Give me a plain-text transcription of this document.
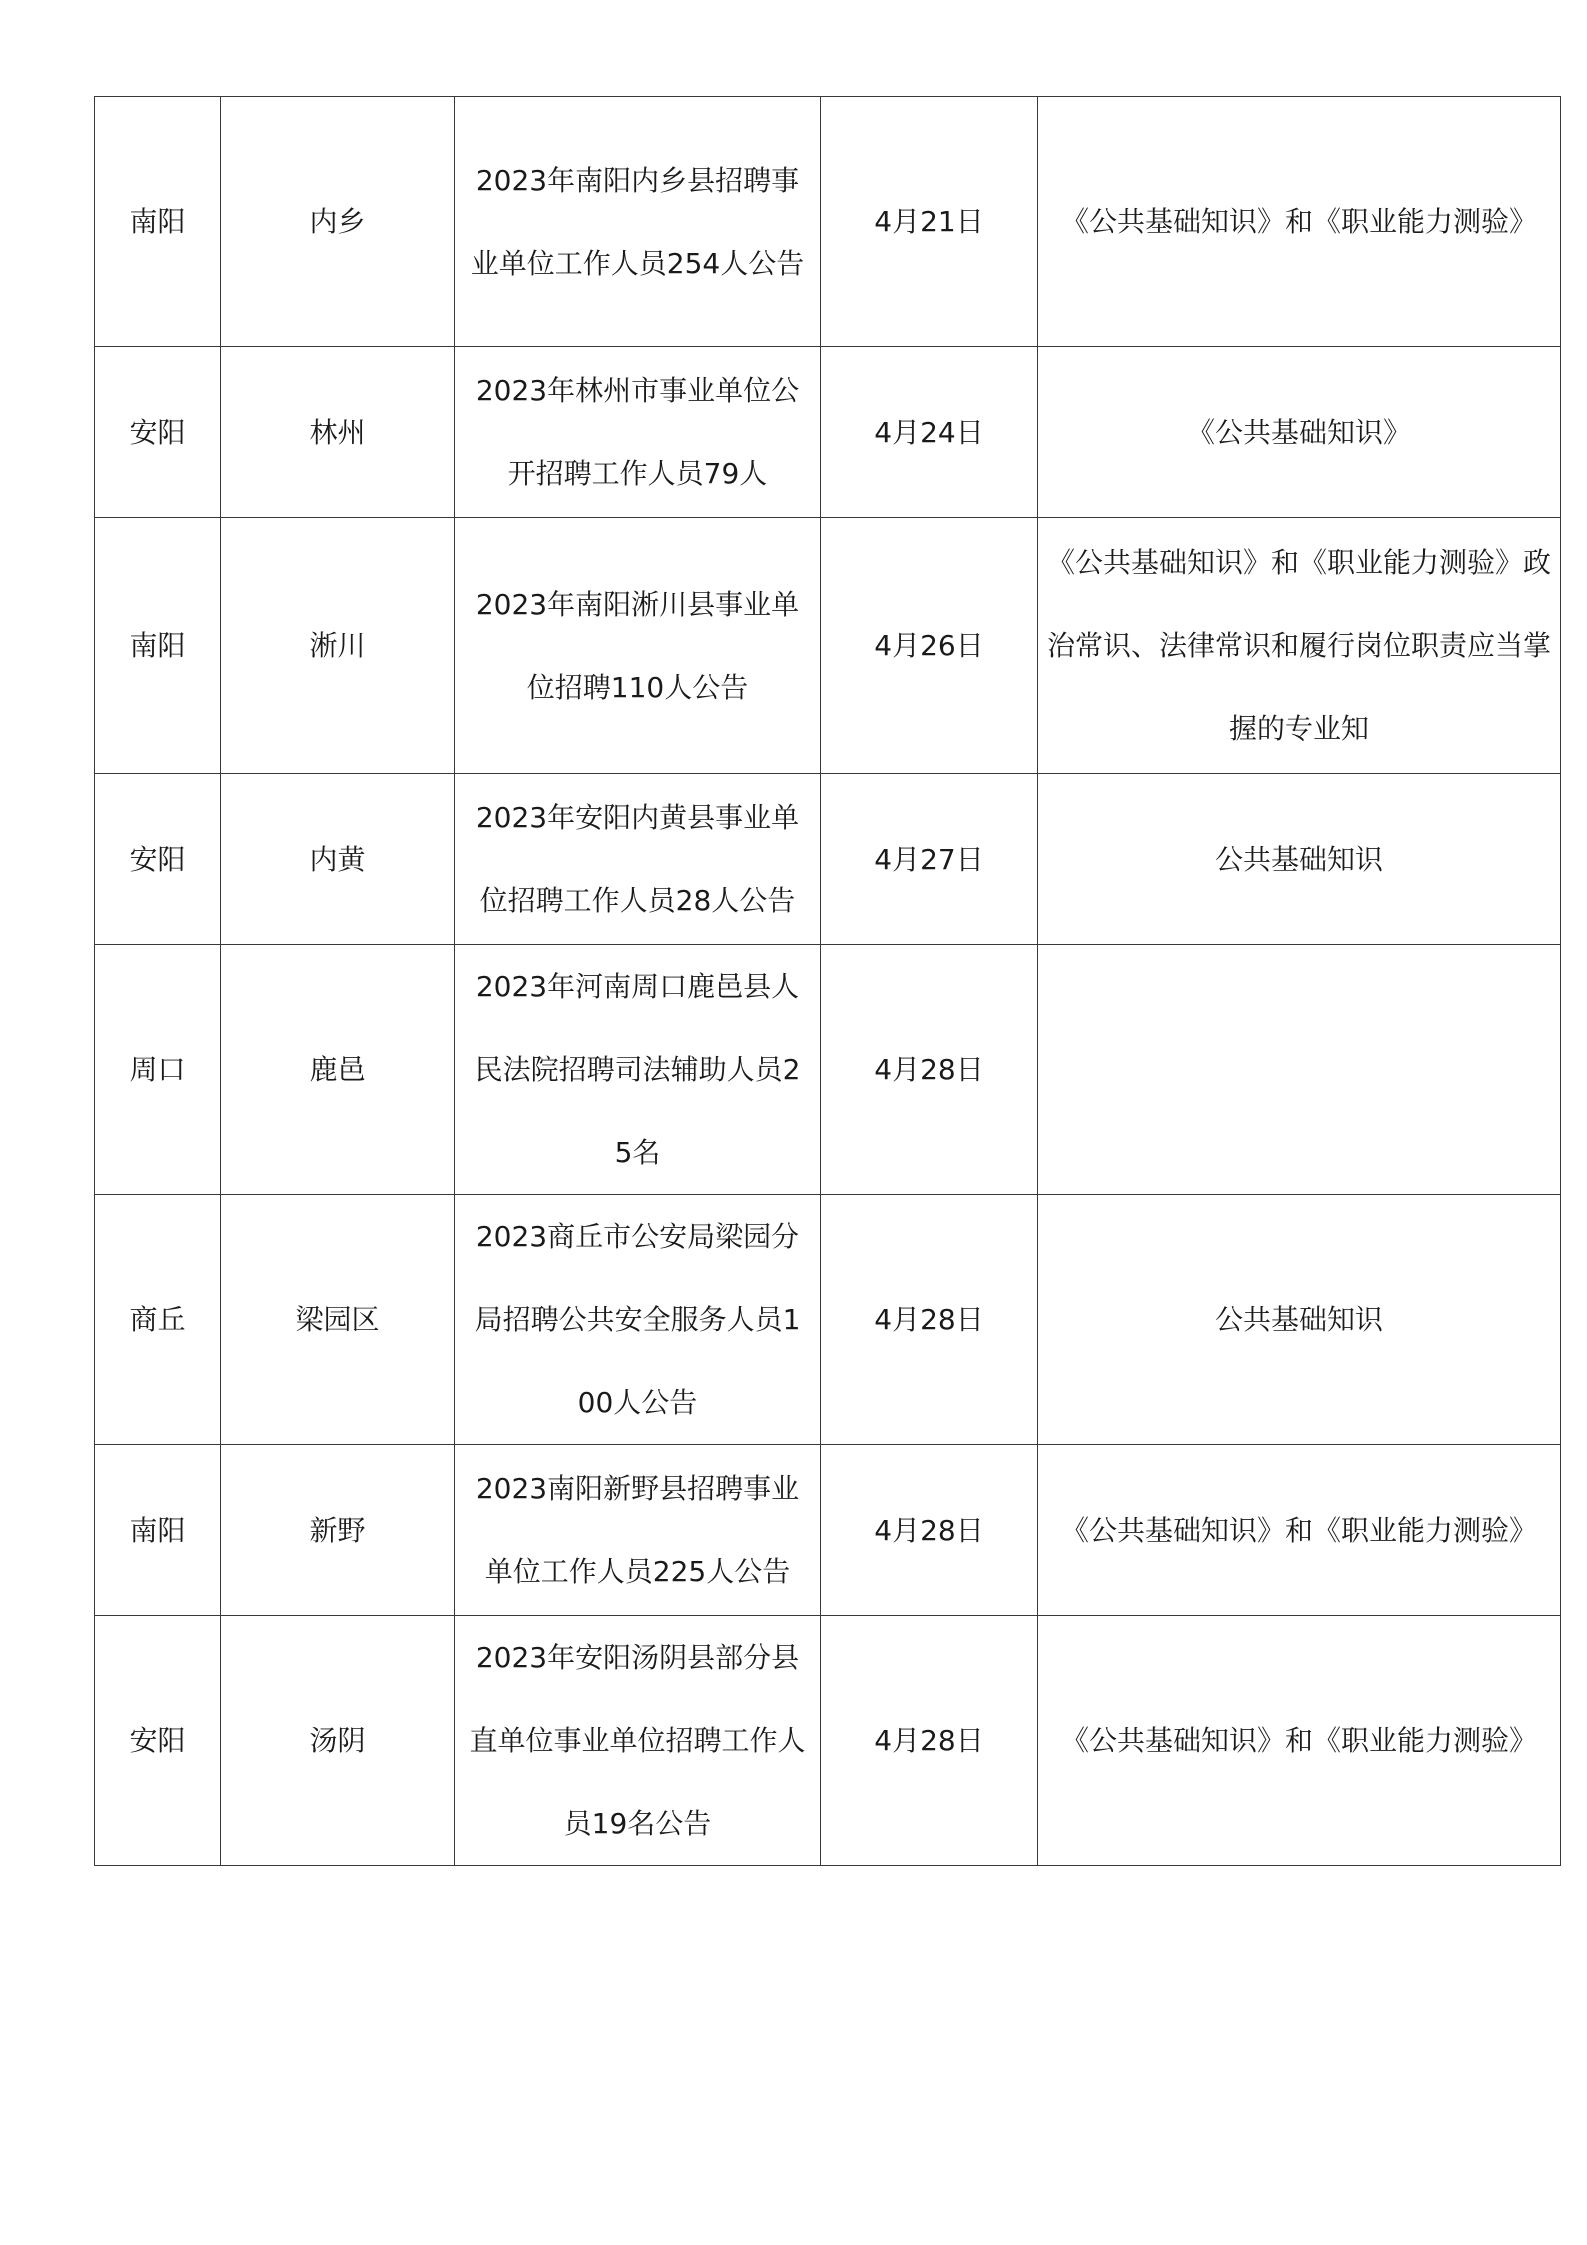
南阳	内乡	2023年南阳内乡县招聘事业单位工作人员254人公告	4月21日	《公共基础知识》和《职业能力测验》
安阳	林州	2023年林州市事业单位公开招聘工作人员79人	4月24日	《公共基础知识》
南阳	淅川	2023年南阳淅川县事业单位招聘110人公告	4月26日	《公共基础知识》和《职业能力测验》政治常识、法律常识和履行岗位职责应当掌握的专业知
安阳	内黄	2023年安阳内黄县事业单位招聘工作人员28人公告	4月27日	公共基础知识
周口	鹿邑	2023年河南周口鹿邑县人民法院招聘司法辅助人员25名	4月28日	
商丘	梁园区	2023商丘市公安局梁园分局招聘公共安全服务人员100人公告	4月28日	公共基础知识
南阳	新野	2023南阳新野县招聘事业单位工作人员225人公告	4月28日	《公共基础知识》和《职业能力测验》
安阳	汤阴	2023年安阳汤阴县部分县直单位事业单位招聘工作人员19名公告	4月28日	《公共基础知识》和《职业能力测验》
